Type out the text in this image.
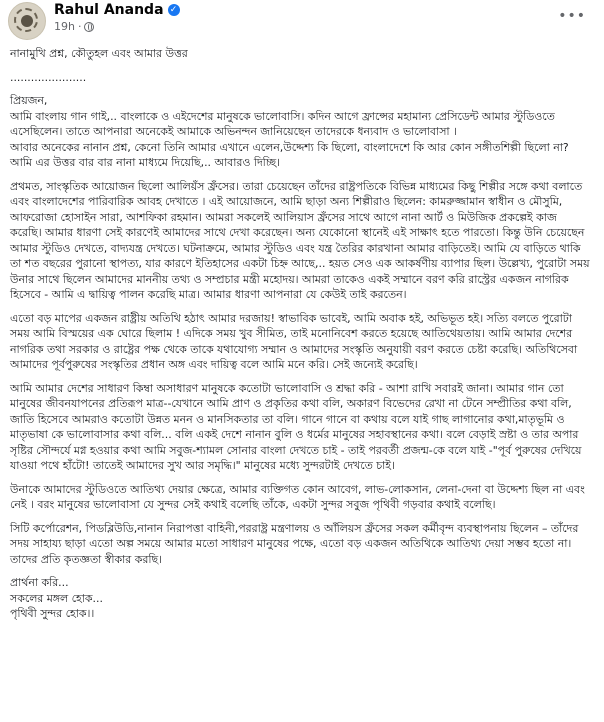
Rahul Ananda ✓
19h ·
•••

নানামুখি প্রশ্ন, কৌতুহল এবং আমার উত্তর

......................

প্রিয়জন,

আমি বাংলায় গান গাই,.. বাংলাকে ও এইদেশের মানুষকে ভালোবাসি। কদিন আগে ফ্রান্সের মহামান্য প্রেসিডেন্ট আমার স্টুডিওতে এসেছিলেন। তাতে আপনারা অনেকেই আমাকে অভিনন্দন জানিয়েছেন তাদেরকে ধন্যবাদ ও ভালোবাসা ।

আবার অনেকের নানান প্রশ্ন, কেনো তিনি আমার এখানে এলেন,উদ্দেশ্য কি ছিলো, বাংলাদেশে কি আর কোন সঙ্গীতশিল্পী ছিলো না? আমি এর উত্তর বার বার নানা মাধ্যমে দিয়েছি,.. আবারও দিচ্ছি।

প্রথমত, সাংস্কৃতিক আয়োজন ছিলো আলিয়ঁস ফ্রঁসের। তারা চেয়েছেন তাঁদের রাষ্ট্রপতিকে বিভিন্ন মাধ্যমের কিছু শিল্পীর সঙ্গে কথা বলাতে এবং বাংলাদেশের পারিবারিক আবহ দেখাতে । এই আয়োজনে, আমি ছাড়া অন্য শিল্পীরাও ছিলেন: কামরুজ্জামান স্বাধীন ও মৌসুমি, আফরোজা হোসাইন সারা, আশফিকা রহমান। আমরা সকলেই আলিয়াস ফ্রঁসের সাথে আগে নানা আর্ট ও মিউজিক প্রকল্পেই কাজ করেছি। আমার ধারণা সেই কারণেই আমাদের সাথে দেখা করেছেন। অন্য যেকোনো স্থানেই এই সাক্ষাৎ হতে পারতো। কিন্তু উনি চেয়েছেন আমার স্টুডিও দেখতে, বাদ্যযন্ত্র দেখতে। ঘটনাক্রমে, আমার স্টুডিও এবং যন্ত্র তৈরির কারখানা আমার বাড়িতেই। আমি যে বাড়িতে থাকি তা শত বছরের পুরানো স্থাপত্য, যার কারণে ইতিহাসের একটা চিহ্ন আছে,.. হয়ত সেও এক আকর্ষণীয় ব্যাপার ছিল। উল্লেখ্য, পুরোটা সময় উনার সাথে ছিলেন আমাদের মাননীয় তথ্য ও সম্প্রচার মন্ত্রী মহোদয়। আমরা তাকেও একই সম্মানে বরণ করি রাস্ট্রের একজন নাগরিক হিসেবে - আমি এ দ্বায়িত্ব পালন করেছি মাত্র। আমার ধারণা আপনারা যে কেউই তাই করতেন।

এতো বড় মাপের একজন রাষ্ট্রীয় অতিথি হঠাৎ আমার দরজায়! স্বাভাবিক ভাবেই, আমি অবাক হই, অভিভূত হই। সত্যি বলতে পুরোটা সময় আমি বিস্ময়ের এক ঘোরে ছিলাম ! এদিকে সময় খুব সীমিত, তাই মনোনিবেশ করতে হয়েছে আতিথেয়তায়। আমি আমার দেশের নাগরিক তথা সরকার ও রাষ্ট্রের পক্ষ থেকে তাকে যথাযোগ্য সম্মান ও আমাদের সংস্কৃতি অনুযায়ী বরণ করতে চেষ্টা করেছি। অতিথিসেবা আমাদের পূর্বপুরুষের সংস্কৃতির প্রধান অঙ্গ এবং দায়িত্ব বলে আমি মনে করি। সেই জন্যেই করেছি।

আমি আমার দেশের সাধারণ কিম্বা অসাধারণ মানুষকে কতোটা ভালোবাসি ও শ্রদ্ধা করি - আশা রাখি সবারই জানা। আমার গান তো মানুষের জীবনযাপনের প্রতিরূপ মাত্র--যেখানে আমি প্রাণ ও প্রকৃতির কথা বলি, অকারণ বিভেদের রেখা না টেনে সম্প্রীতির কথা বলি, জাতি হিসেবে আমরাও কতোটা উন্নত মনন ও মানসিকতার তা বলি। গানে গানে বা কথায় বলে যাই গাছ লাগানোর কথা,মাতৃভূমি ও মাতৃভাষা কে ভালোবাসার কথা বলি... বলি একই দেশে নানান বুলি ও ধর্মের মানুষের সহাবস্থানের কথা। বলে বেড়াই স্রষ্টা ও তার অপার সৃষ্টির সৌন্দর্যে মগ্ন হওয়ার কথা আমি সবুজ-শ্যামল সোনার বাংলা দেখতে চাই - তাই পরবর্তী প্রজন্ম-কে বলে যাই -"পূর্ব পুরুষের দেখিয়ে যাওয়া পথে হাঁটো! তাতেই আমাদের সুখ আর সমৃদ্ধি।" মানুষের মধ্যে সুন্দরটাই দেখতে চাই।

উনাকে আমাদের স্টুডিওতে আতিথ্য দেয়ার ক্ষেত্রে, আমার ব্যক্তিগত কোন আবেগ, লাভ-লোকসান, লেনা-দেনা বা উদ্দেশ্য ছিল না এবং নেই । বরং মানুষের ভালোবাসা যে সুন্দর সেই কথাই বলেছি তাঁকে, একটা সুন্দর সবুজ পৃথিবী গড়বার কথাই বলেছি।

সিটি কর্পোরেশন, পিডব্লিউডি,নানান নিরাপত্তা বাহিনী,পররাষ্ট্র মন্ত্রণালয় ও আঁলিয়স ফ্রঁসের সকল কর্মীবৃন্দ ব্যবস্থাপনায় ছিলেন – তাঁদের সদয় সাহায্য ছাড়া এতো অল্প সময়ে আমার মতো সাধারণ মানুষের পক্ষে, এতো বড় একজন অতিথিকে আতিথ্য দেয়া সম্ভব হতো না। তাদের প্রতি কৃতজ্ঞতা স্বীকার করছি।

প্রার্থনা করি...
সকলের মঙ্গল হোক...
পৃথিবী সুন্দর হোক।।
